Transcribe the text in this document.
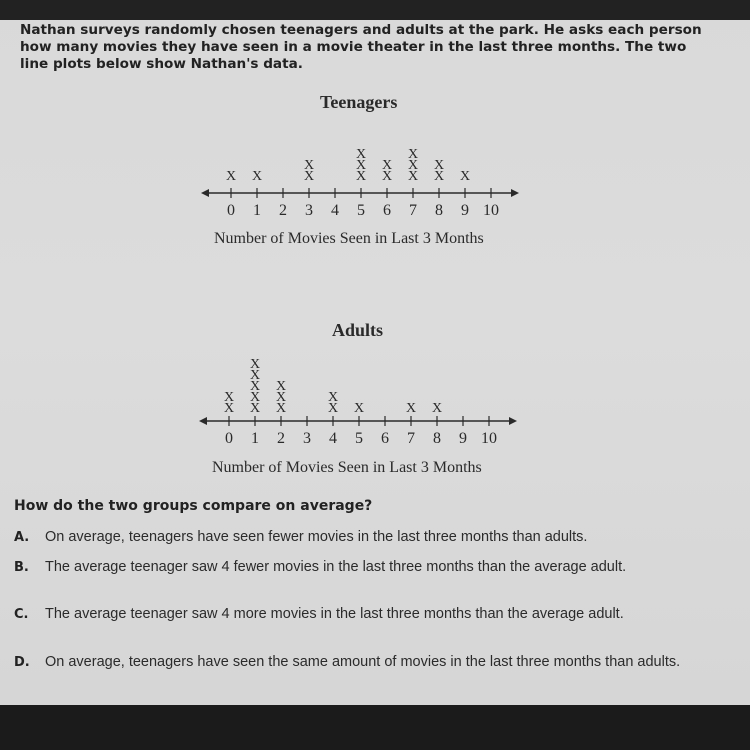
Nathan surveys randomly chosen teenagers and adults at the park. He asks each person how many movies they have seen in a movie theater in the last three months. The two line plots below show Nathan's data.

Teenagers
0 1 2 3 4 5 6 7 8 9 10
X X	X
X
X
X
X
X
X
X
X
X
X
X
X

Number of Movies Seen in Last 3 Months

Adults
0 1 2 3 4 5 6 7 8 9 10
X
X
X
X
X
X
X
X
X
X
X
X
X	X X

Number of Movies Seen in Last 3 Months

How do the two groups compare on average?

A. On average, teenagers have seen fewer movies in the last three months than adults.
B. The average teenager saw 4 fewer movies in the last three months than the average adult.
C. The average teenager saw 4 more movies in the last three months than the average adult.
D. On average, teenagers have seen the same amount of movies in the last three months than adults.
